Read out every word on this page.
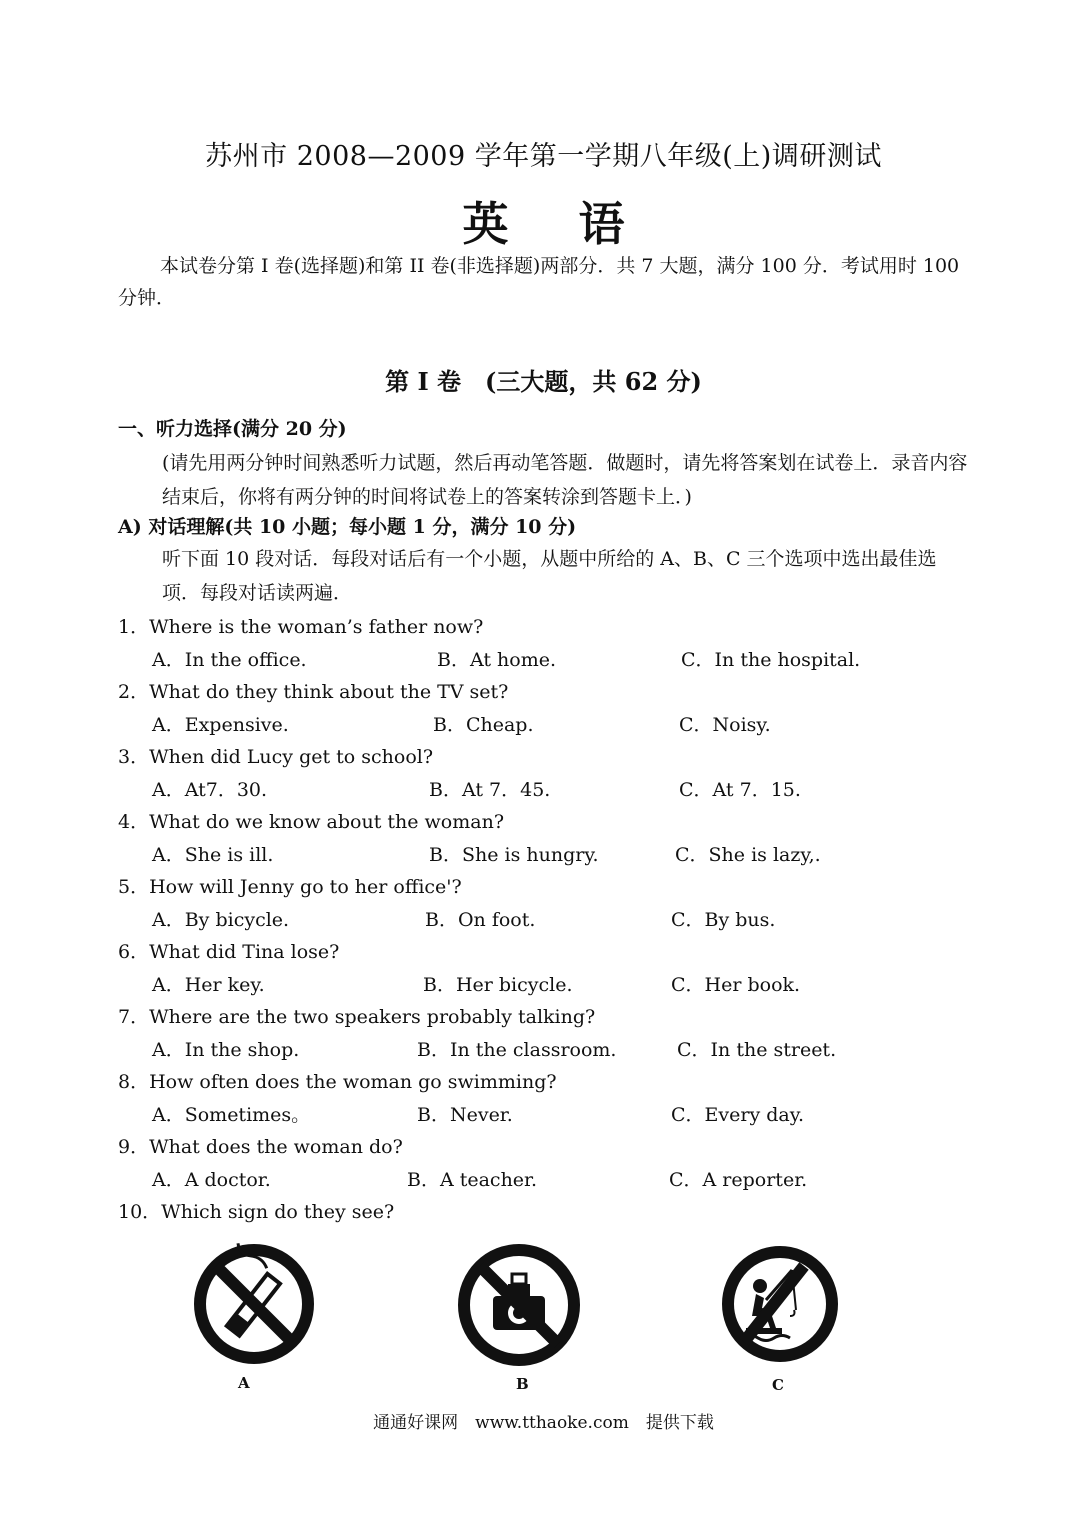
苏州市 2008—2009 学年第一学期八年级(上)调研测试
英语
本试卷分第 I 卷(选择题)和第 II 卷(非选择题)两部分．共 7 大题，满分 100 分．考试用时 100 分钟．
第 I 卷　(三大题，共 62 分)
一、听力选择(满分 20 分)
(请先用两分钟时间熟悉听力试题，然后再动笔答题．做题时，请先将答案划在试卷上．录音内容结束后，你将有两分钟的时间将试卷上的答案转涂到答题卡上．)
A) 对话理解(共 10 小题；每小题 1 分，满分 10 分)
听下面 10 段对话．每段对话后有一个小题，从题中所给的 A、B、C 三个选项中选出最佳选项．每段对话读两遍．
1．Where is the woman’s father now?
A．In the office.	B．At home.	C．In the hospital.
2．What do they think about the TV set?
A．Expensive.	B．Cheap.	C．Noisy.
3．When did Lucy get to school?
A．At7．30.	B．At 7．45.	C．At 7．15.
4．What do we know about the woman?
A．She is ill.	B．She is hungry.	C．She is lazy,.
5．How will Jenny go to her office'?
A．By bicycle.	B．On foot.	C．By bus.
6．What did Tina lose?
A．Her key.	B．Her bicycle.	C．Her book.
7．Where are the two speakers probably talking?
A．In the shop.	B．In the classroom.	C．In the street.
8．How often does the woman go swimming?
A．Sometimes。	B．Never.	C．Every day.
9．What does the woman do?
A．A doctor.	B．A teacher.	C．A reporter.
10．Which sign do they see?
A	B	C
通通好课网　www.tthaoke.com　提供下载
